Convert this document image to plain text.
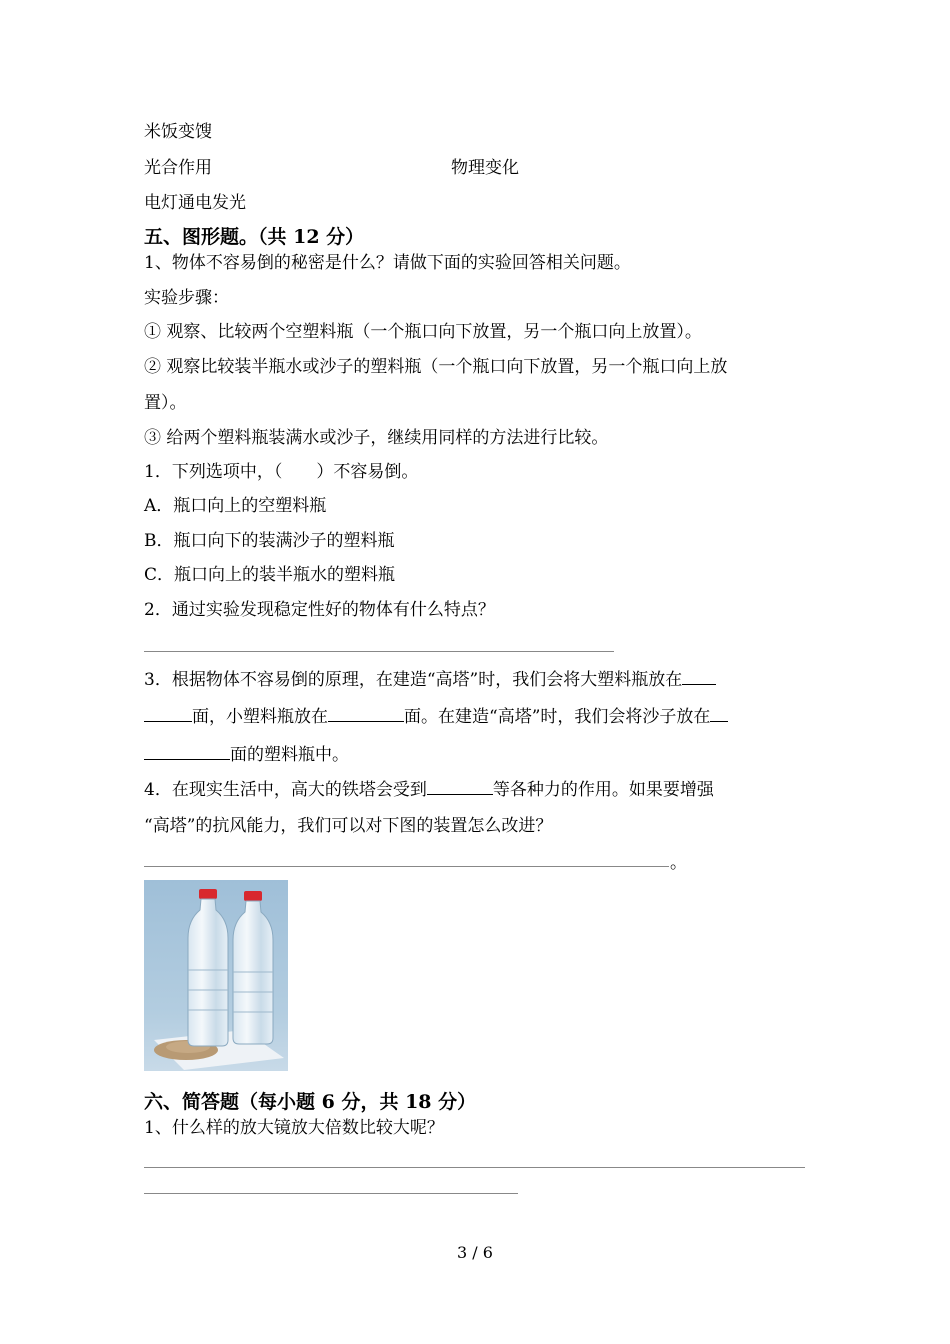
米饭变馊
光合作用	物理变化
电灯通电发光
五、图形题。（共 12 分）
1、物体不容易倒的秘密是什么？请做下面的实验回答相关问题。
实验步骤：
① 观察、比较两个空塑料瓶（一个瓶口向下放置，另一个瓶口向上放置）。
② 观察比较装半瓶水或沙子的塑料瓶（一个瓶口向下放置，另一个瓶口向上放
置）。
③ 给两个塑料瓶装满水或沙子，继续用同样的方法进行比较。
1．下列选项中，（　　）不容易倒。
A．瓶口向上的空塑料瓶
B．瓶口向下的装满沙子的塑料瓶
C．瓶口向上的装半瓶水的塑料瓶
2．通过实验发现稳定性好的物体有什么特点？
3．根据物体不容易倒的原理，在建造“高塔”时，我们会将大塑料瓶放在
面，小塑料瓶放在	面。在建造“高塔”时，我们会将沙子放在
面的塑料瓶中。
4．在现实生活中，高大的铁塔会受到	等各种力的作用。如果要增强
“高塔”的抗风能力，我们可以对下图的装置怎么改进？
。
六、简答题（每小题 6 分，共 18 分）
1、什么样的放大镜放大倍数比较大呢？
3 / 6
